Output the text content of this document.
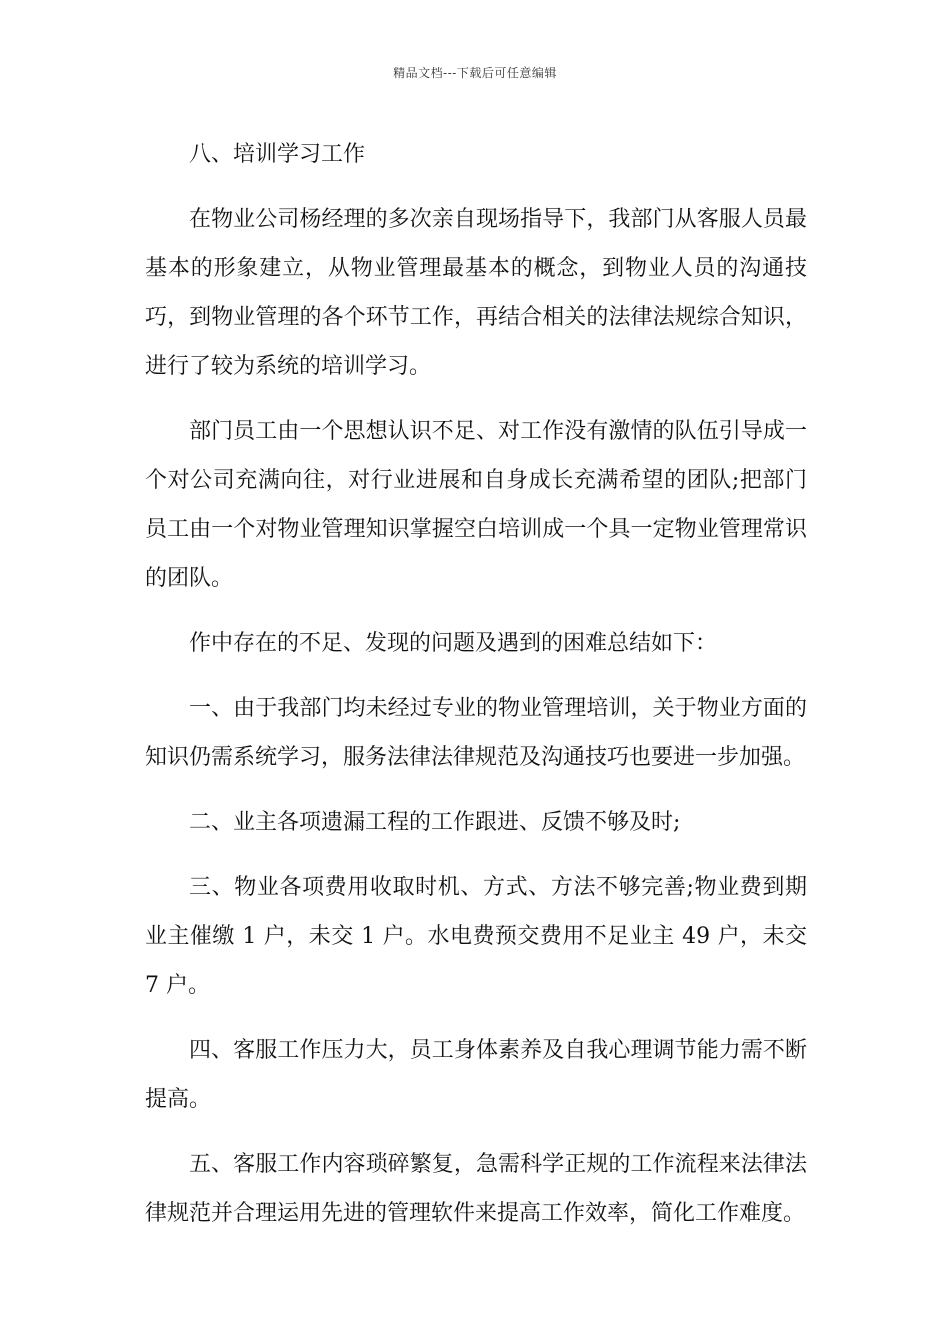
精品文档---下载后可任意编辑

八、培训学习工作

在物业公司杨经理的多次亲自现场指导下，我部门从客服人员最基本的形象建立，从物业管理最基本的概念，到物业人员的沟通技巧，到物业管理的各个环节工作，再结合相关的法律法规综合知识，进行了较为系统的培训学习。

部门员工由一个思想认识不足、对工作没有激情的队伍引导成一个对公司充满向往，对行业进展和自身成长充满希望的团队;把部门员工由一个对物业管理知识掌握空白培训成一个具一定物业管理常识的团队。

作中存在的不足、发现的问题及遇到的困难总结如下：

一、由于我部门均未经过专业的物业管理培训，关于物业方面的知识仍需系统学习，服务法律法律规范及沟通技巧也要进一步加强。

二、业主各项遗漏工程的工作跟进、反馈不够及时;

三、物业各项费用收取时机、方式、方法不够完善;物业费到期业主催缴 1 户，未交 1 户。水电费预交费用不足业主 49 户，未交 7 户。

四、客服工作压力大，员工身体素养及自我心理调节能力需不断提高。

五、客服工作内容琐碎繁复，急需科学正规的工作流程来法律法律规范并合理运用先进的管理软件来提高工作效率，简化工作难度。
